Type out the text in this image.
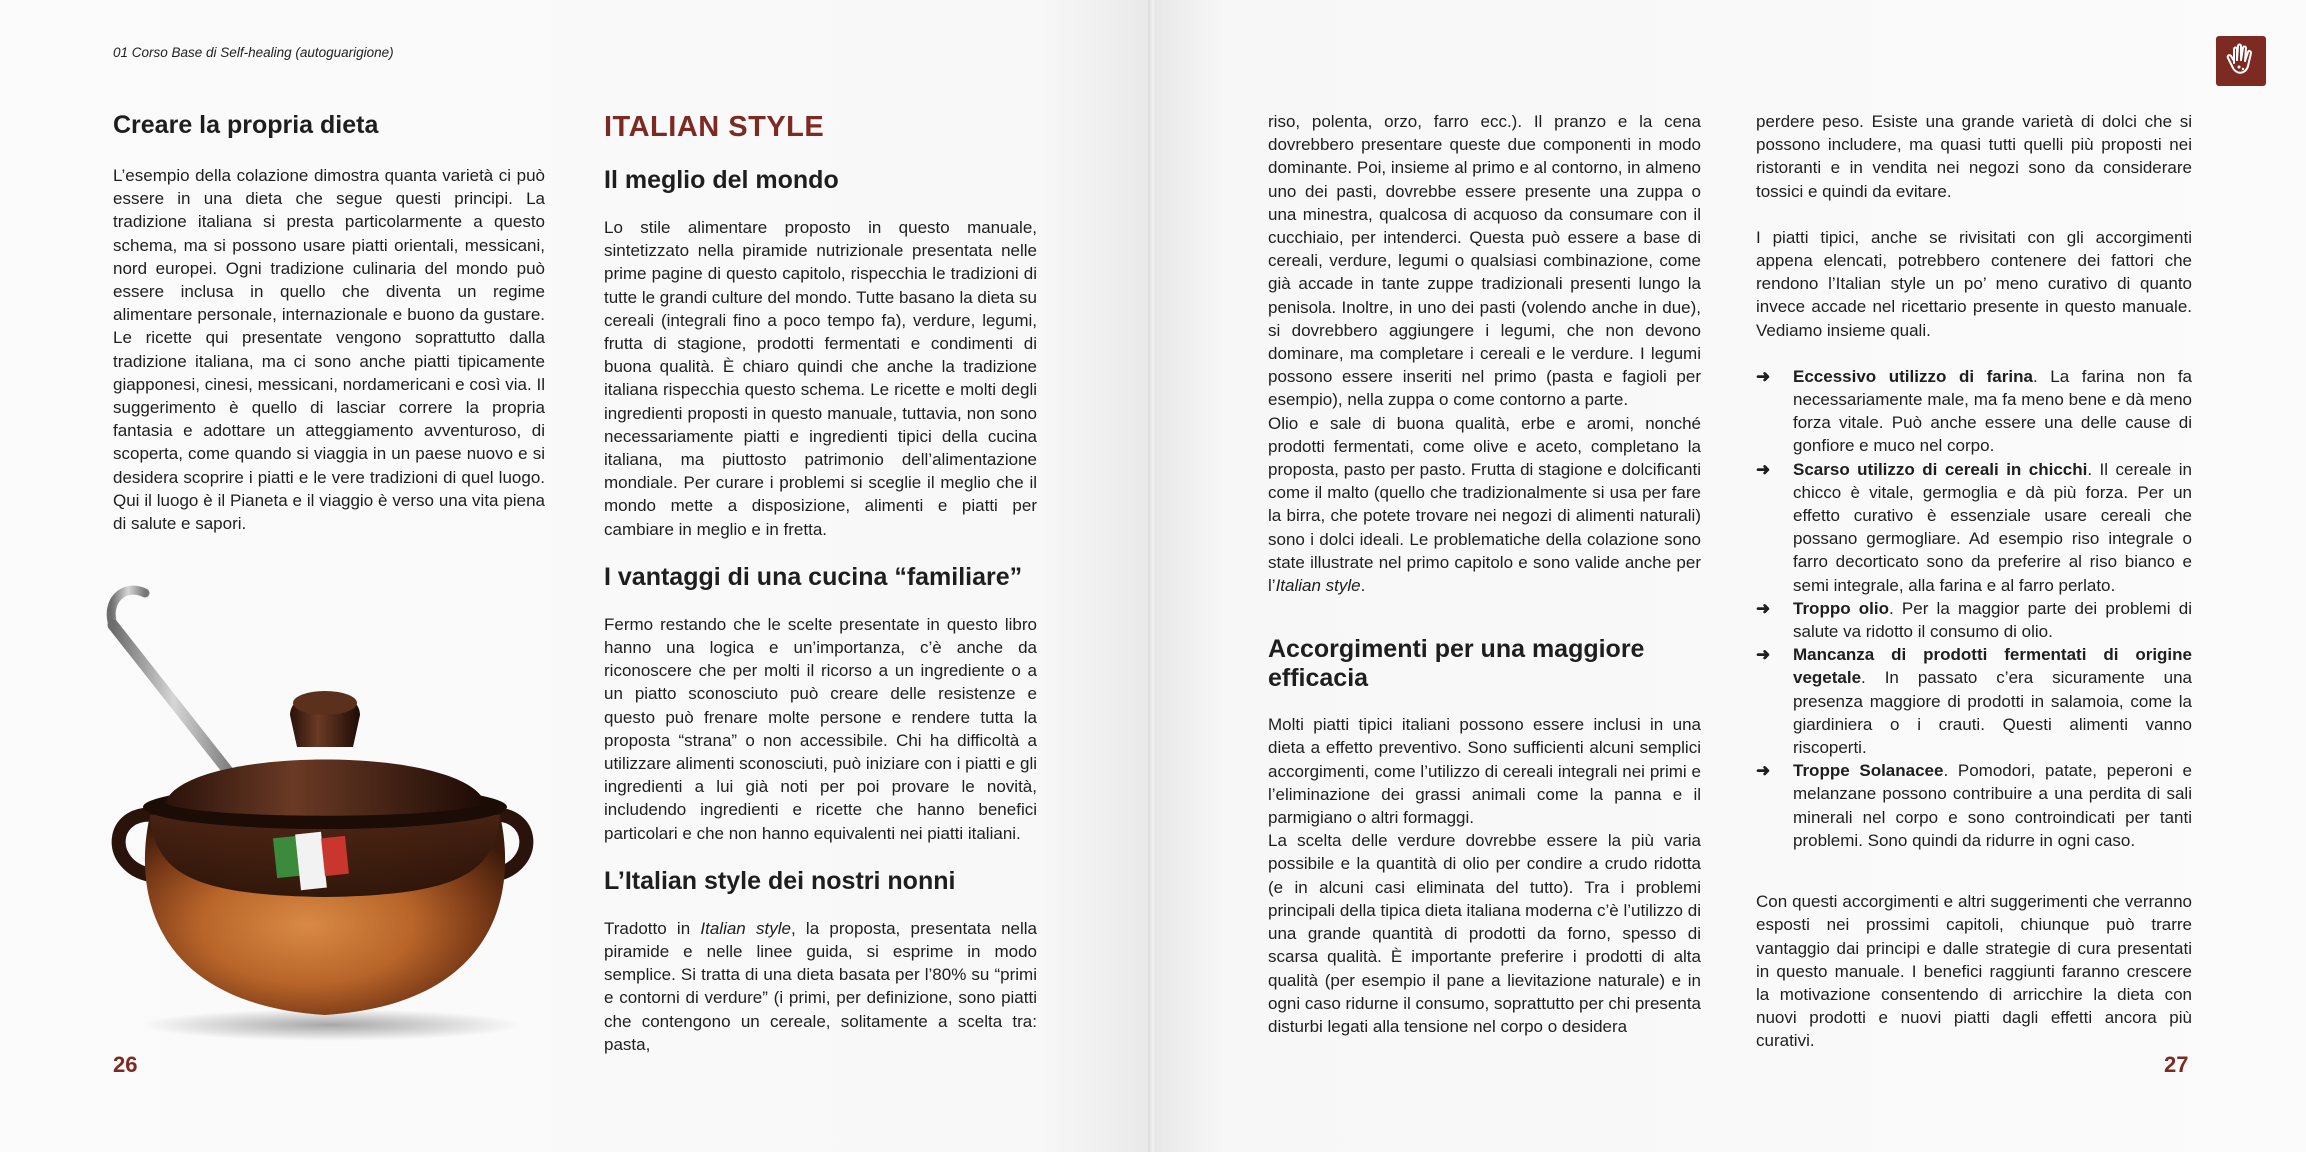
01 Corso Base di Self-healing (autoguarigione)
Creare la propria dieta

L’esempio della colazione dimostra quanta varietà ci può essere in una dieta che segue questi principi. La tradizione italiana si presta particolarmente a questo schema, ma si possono usare piatti orientali, messicani, nord europei. Ogni tradizione culinaria del mondo può essere inclusa in quello che diventa un regime alimentare personale, internazionale e buono da gustare. Le ricette qui presentate vengono soprattutto dalla tradizione italiana, ma ci sono anche piatti tipicamente giapponesi, cinesi, messicani, nordamericani e così via. Il suggerimento è quello di lasciar correre la propria fantasia e adottare un atteggiamento avventuroso, di scoperta, come quando si viaggia in un paese nuovo e si desidera scoprire i piatti e le vere tradizioni di quel luogo. Qui il luogo è il Pianeta e il viaggio è verso una vita piena di salute e sapori.

ITALIAN STYLE
Il meglio del mondo

Lo stile alimentare proposto in questo manuale, sintetizzato nella piramide nutrizionale presentata nelle prime pagine di questo capitolo, rispecchia le tradizioni di tutte le grandi culture del mondo. Tutte basano la dieta su cereali (integrali fino a poco tempo fa), verdure, legumi, frutta di stagione, prodotti fermentati e condimenti di buona qualità. È chiaro quindi che anche la tradizione italiana rispecchia questo schema. Le ricette e molti degli ingredienti proposti in questo manuale, tuttavia, non sono necessariamente piatti e ingredienti tipici della cucina italiana, ma piuttosto patrimonio dell’alimentazione mondiale. Per curare i problemi si sceglie il meglio che il mondo mette a disposizione, alimenti e piatti per cambiare in meglio e in fretta.

I vantaggi di una cucina “familiare”

Fermo restando che le scelte presentate in questo libro hanno una logica e un’importanza, c’è anche da riconoscere che per molti il ricorso a un ingrediente o a un piatto sconosciuto può creare delle resistenze e questo può frenare molte persone e rendere tutta la proposta “strana” o non accessibile. Chi ha difficoltà a utilizzare alimenti sconosciuti, può iniziare con i piatti e gli ingredienti a lui già noti per poi provare le novità, includendo ingredienti e ricette che hanno benefici particolari e che non hanno equivalenti nei piatti italiani.

L’Italian style dei nostri nonni

Tradotto in Italian style, la proposta, presentata nella piramide e nelle linee guida, si esprime in modo semplice. Si tratta di una dieta basata per l’80% su “primi e contorni di verdure” (i primi, per definizione, sono piatti che contengono un cereale, solitamente a scelta tra: pasta,

26

riso, polenta, orzo, farro ecc.). Il pranzo e la cena dovrebbero presentare queste due componenti in modo dominante. Poi, insieme al primo e al contorno, in almeno uno dei pasti, dovrebbe essere presente una zuppa o una minestra, qualcosa di acquoso da consumare con il cucchiaio, per intenderci. Questa può essere a base di cereali, verdure, legumi o qualsiasi combinazione, come già accade in tante zuppe tradizionali presenti lungo la penisola. Inoltre, in uno dei pasti (volendo anche in due), si dovrebbero aggiungere i legumi, che non devono dominare, ma completare i cereali e le verdure. I legumi possono essere inseriti nel primo (pasta e fagioli per esempio), nella zuppa o come contorno a parte.

Olio e sale di buona qualità, erbe e aromi, nonché prodotti fermentati, come olive e aceto, completano la proposta, pasto per pasto. Frutta di stagione e dolcificanti come il malto (quello che tradizionalmente si usa per fare la birra, che potete trovare nei negozi di alimenti naturali) sono i dolci ideali. Le problematiche della colazione sono state illustrate nel primo capitolo e sono valide anche per l’Italian style.

Accorgimenti per una maggiore efficacia

Molti piatti tipici italiani possono essere inclusi in una dieta a effetto preventivo. Sono sufficienti alcuni semplici accorgimenti, come l’utilizzo di cereali integrali nei primi e l’eliminazione dei grassi animali come la panna e il parmigiano o altri formaggi.

La scelta delle verdure dovrebbe essere la più varia possibile e la quantità di olio per condire a crudo ridotta (e in alcuni casi eliminata del tutto). Tra i problemi principali della tipica dieta italiana moderna c’è l’utilizzo di una grande quantità di prodotti da forno, spesso di scarsa qualità. È importante preferire i prodotti di alta qualità (per esempio il pane a lievitazione naturale) e in ogni caso ridurne il consumo, soprattutto per chi presenta disturbi legati alla tensione nel corpo o desidera

perdere peso. Esiste una grande varietà di dolci che si possono includere, ma quasi tutti quelli più proposti nei ristoranti e in vendita nei negozi sono da considerare tossici e quindi da evitare.

I piatti tipici, anche se rivisitati con gli accorgimenti appena elencati, potrebbero contenere dei fattori che rendono l’Italian style un po’ meno curativo di quanto invece accade nel ricettario presente in questo manuale. Vediamo insieme quali.

➜ Eccessivo utilizzo di farina. La farina non fa necessariamente male, ma fa meno bene e dà meno forza vitale. Può anche essere una delle cause di gonfiore e muco nel corpo.
➜ Scarso utilizzo di cereali in chicchi. Il cereale in chicco è vitale, germoglia e dà più forza. Per un effetto curativo è essenziale usare cereali che possano germogliare. Ad esempio riso integrale o farro decorticato sono da preferire al riso bianco e semi integrale, alla farina e al farro perlato.
➜ Troppo olio. Per la maggior parte dei problemi di salute va ridotto il consumo di olio.
➜ Mancanza di prodotti fermentati di origine vegetale. In passato c’era sicuramente una presenza maggiore di prodotti in salamoia, come la giardiniera o i crauti. Questi alimenti vanno riscoperti.
➜ Troppe Solanacee. Pomodori, patate, peperoni e melanzane possono contribuire a una perdita di sali minerali nel corpo e sono controindicati per tanti problemi. Sono quindi da ridurre in ogni caso.

Con questi accorgimenti e altri suggerimenti che verranno esposti nei prossimi capitoli, chiunque può trarre vantaggio dai principi e dalle strategie di cura presentati in questo manuale. I benefici raggiunti faranno crescere la motivazione consentendo di arricchire la dieta con nuovi prodotti e nuovi piatti dagli effetti ancora più curativi.

27
